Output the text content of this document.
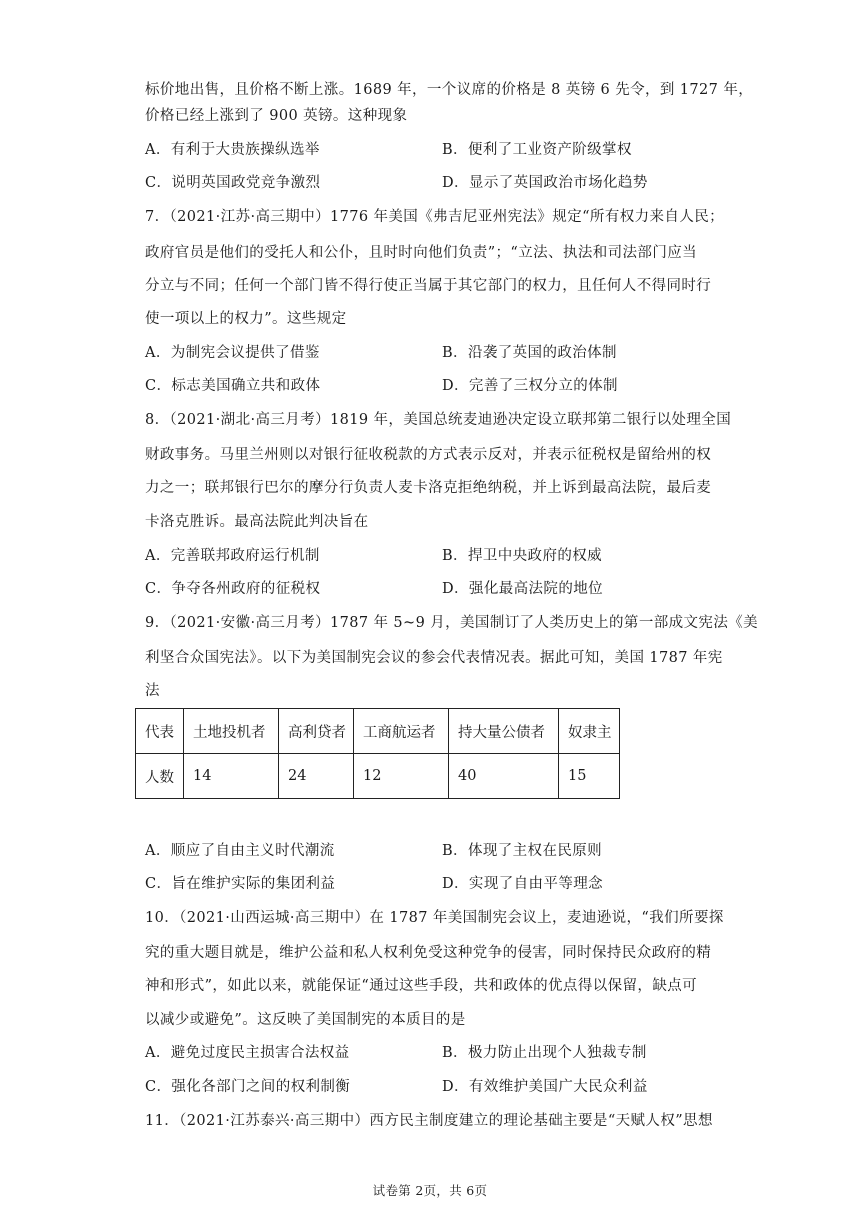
标价地出售，且价格不断上涨。1689 年，一个议席的价格是 8 英镑 6 先令，到 1727 年，
价格已经上涨到了 900 英镑。这种现象
A．有利于大贵族操纵选举	B．便利了工业资产阶级掌权
C．说明英国政党竞争激烈	D．显示了英国政治市场化趋势
7．（2021·江苏·高三期中）1776 年美国《弗吉尼亚州宪法》规定“所有权力来自人民；
政府官员是他们的受托人和公仆，且时时向他们负责”；“立法、执法和司法部门应当
分立与不同；任何一个部门皆不得行使正当属于其它部门的权力，且任何人不得同时行
使一项以上的权力”。这些规定
A．为制宪会议提供了借鉴	B．沿袭了英国的政治体制
C．标志美国确立共和政体	D．完善了三权分立的体制
8．（2021·湖北·高三月考）1819 年，美国总统麦迪逊决定设立联邦第二银行以处理全国
财政事务。马里兰州则以对银行征收税款的方式表示反对，并表示征税权是留给州的权
力之一；联邦银行巴尔的摩分行负责人麦卡洛克拒绝纳税，并上诉到最高法院，最后麦
卡洛克胜诉。最高法院此判决旨在
A．完善联邦政府运行机制	B．捍卫中央政府的权威
C．争夺各州政府的征税权	D．强化最高法院的地位
9．（2021·安徽·高三月考）1787 年 5~9 月，美国制订了人类历史上的第一部成文宪法《美
利坚合众国宪法》。以下为美国制宪会议的参会代表情况表。据此可知，美国 1787 年宪
法
代表	土地投机者	高利贷者	工商航运者	持大量公债者	奴隶主
人数	14	24	12	40	15
A．顺应了自由主义时代潮流	B．体现了主权在民原则
C．旨在维护实际的集团利益	D．实现了自由平等理念
10．（2021·山西运城·高三期中）在 1787 年美国制宪会议上，麦迪逊说，“我们所要探
究的重大题目就是，维护公益和私人权利免受这种党争的侵害，同时保持民众政府的精
神和形式”，如此以来，就能保证“通过这些手段，共和政体的优点得以保留，缺点可
以减少或避免”。这反映了美国制宪的本质目的是
A．避免过度民主损害合法权益	B．极力防止出现个人独裁专制
C．强化各部门之间的权利制衡	D．有效维护美国广大民众利益
11．（2021·江苏泰兴·高三期中）西方民主制度建立的理论基础主要是“天赋人权”思想
试卷第 2页，共 6页
